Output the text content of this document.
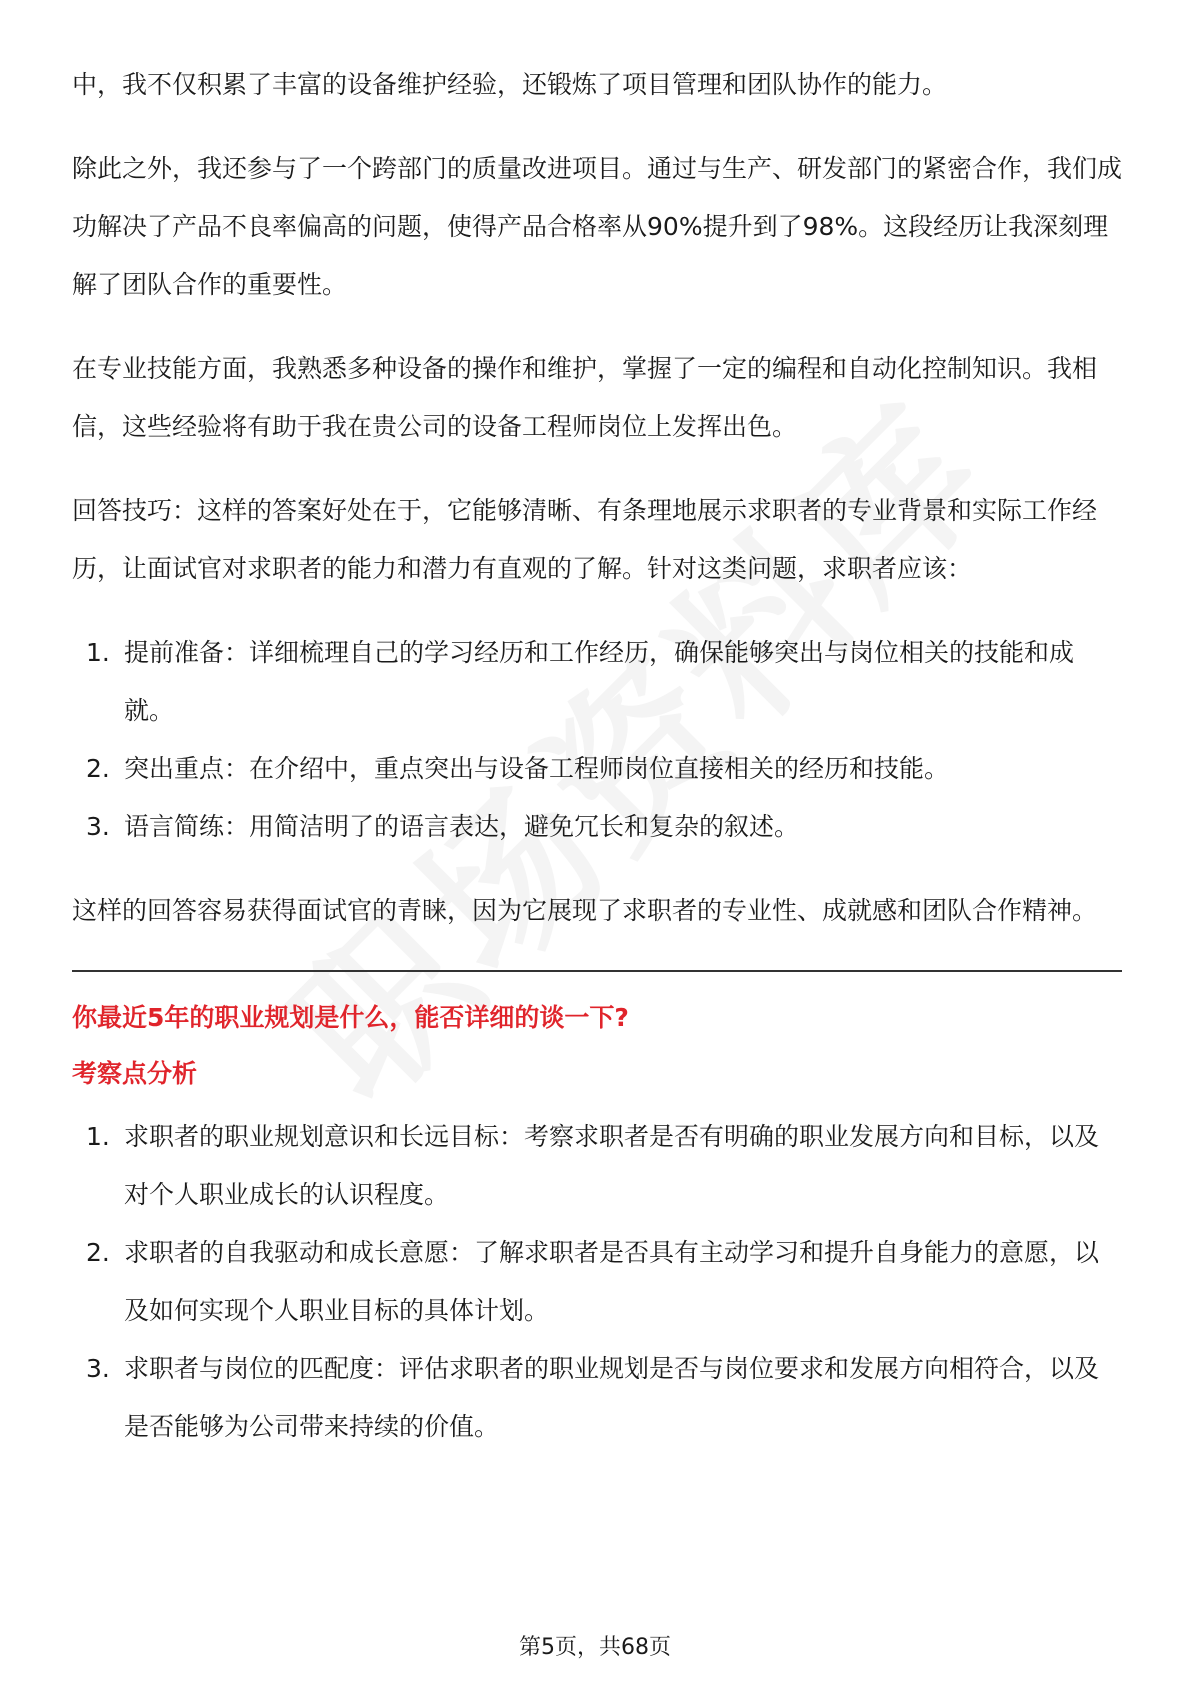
中，我不仅积累了丰富的设备维护经验，还锻炼了项目管理和团队协作的能力。

除此之外，我还参与了一个跨部门的质量改进项目。通过与生产、研发部门的紧密合作，我们成功解决了产品不良率偏高的问题，使得产品合格率从90%提升到了98%。这段经历让我深刻理解了团队合作的重要性。

在专业技能方面，我熟悉多种设备的操作和维护，掌握了一定的编程和自动化控制知识。我相信，这些经验将有助于我在贵公司的设备工程师岗位上发挥出色。

回答技巧：这样的答案好处在于，它能够清晰、有条理地展示求职者的专业背景和实际工作经历，让面试官对求职者的能力和潜力有直观的了解。针对这类问题，求职者应该：

1. 提前准备：详细梳理自己的学习经历和工作经历，确保能够突出与岗位相关的技能和成就。
2. 突出重点：在介绍中，重点突出与设备工程师岗位直接相关的经历和技能。
3. 语言简练：用简洁明了的语言表达，避免冗长和复杂的叙述。

这样的回答容易获得面试官的青睐，因为它展现了求职者的专业性、成就感和团队合作精神。

你最近5年的职业规划是什么，能否详细的谈一下?
考察点分析
1. 求职者的职业规划意识和长远目标：考察求职者是否有明确的职业发展方向和目标，以及对个人职业成长的认识程度。
2. 求职者的自我驱动和成长意愿：了解求职者是否具有主动学习和提升自身能力的意愿，以及如何实现个人职业目标的具体计划。
3. 求职者与岗位的匹配度：评估求职者的职业规划是否与岗位要求和发展方向相符合，以及是否能够为公司带来持续的价值。
第5页，共68页
